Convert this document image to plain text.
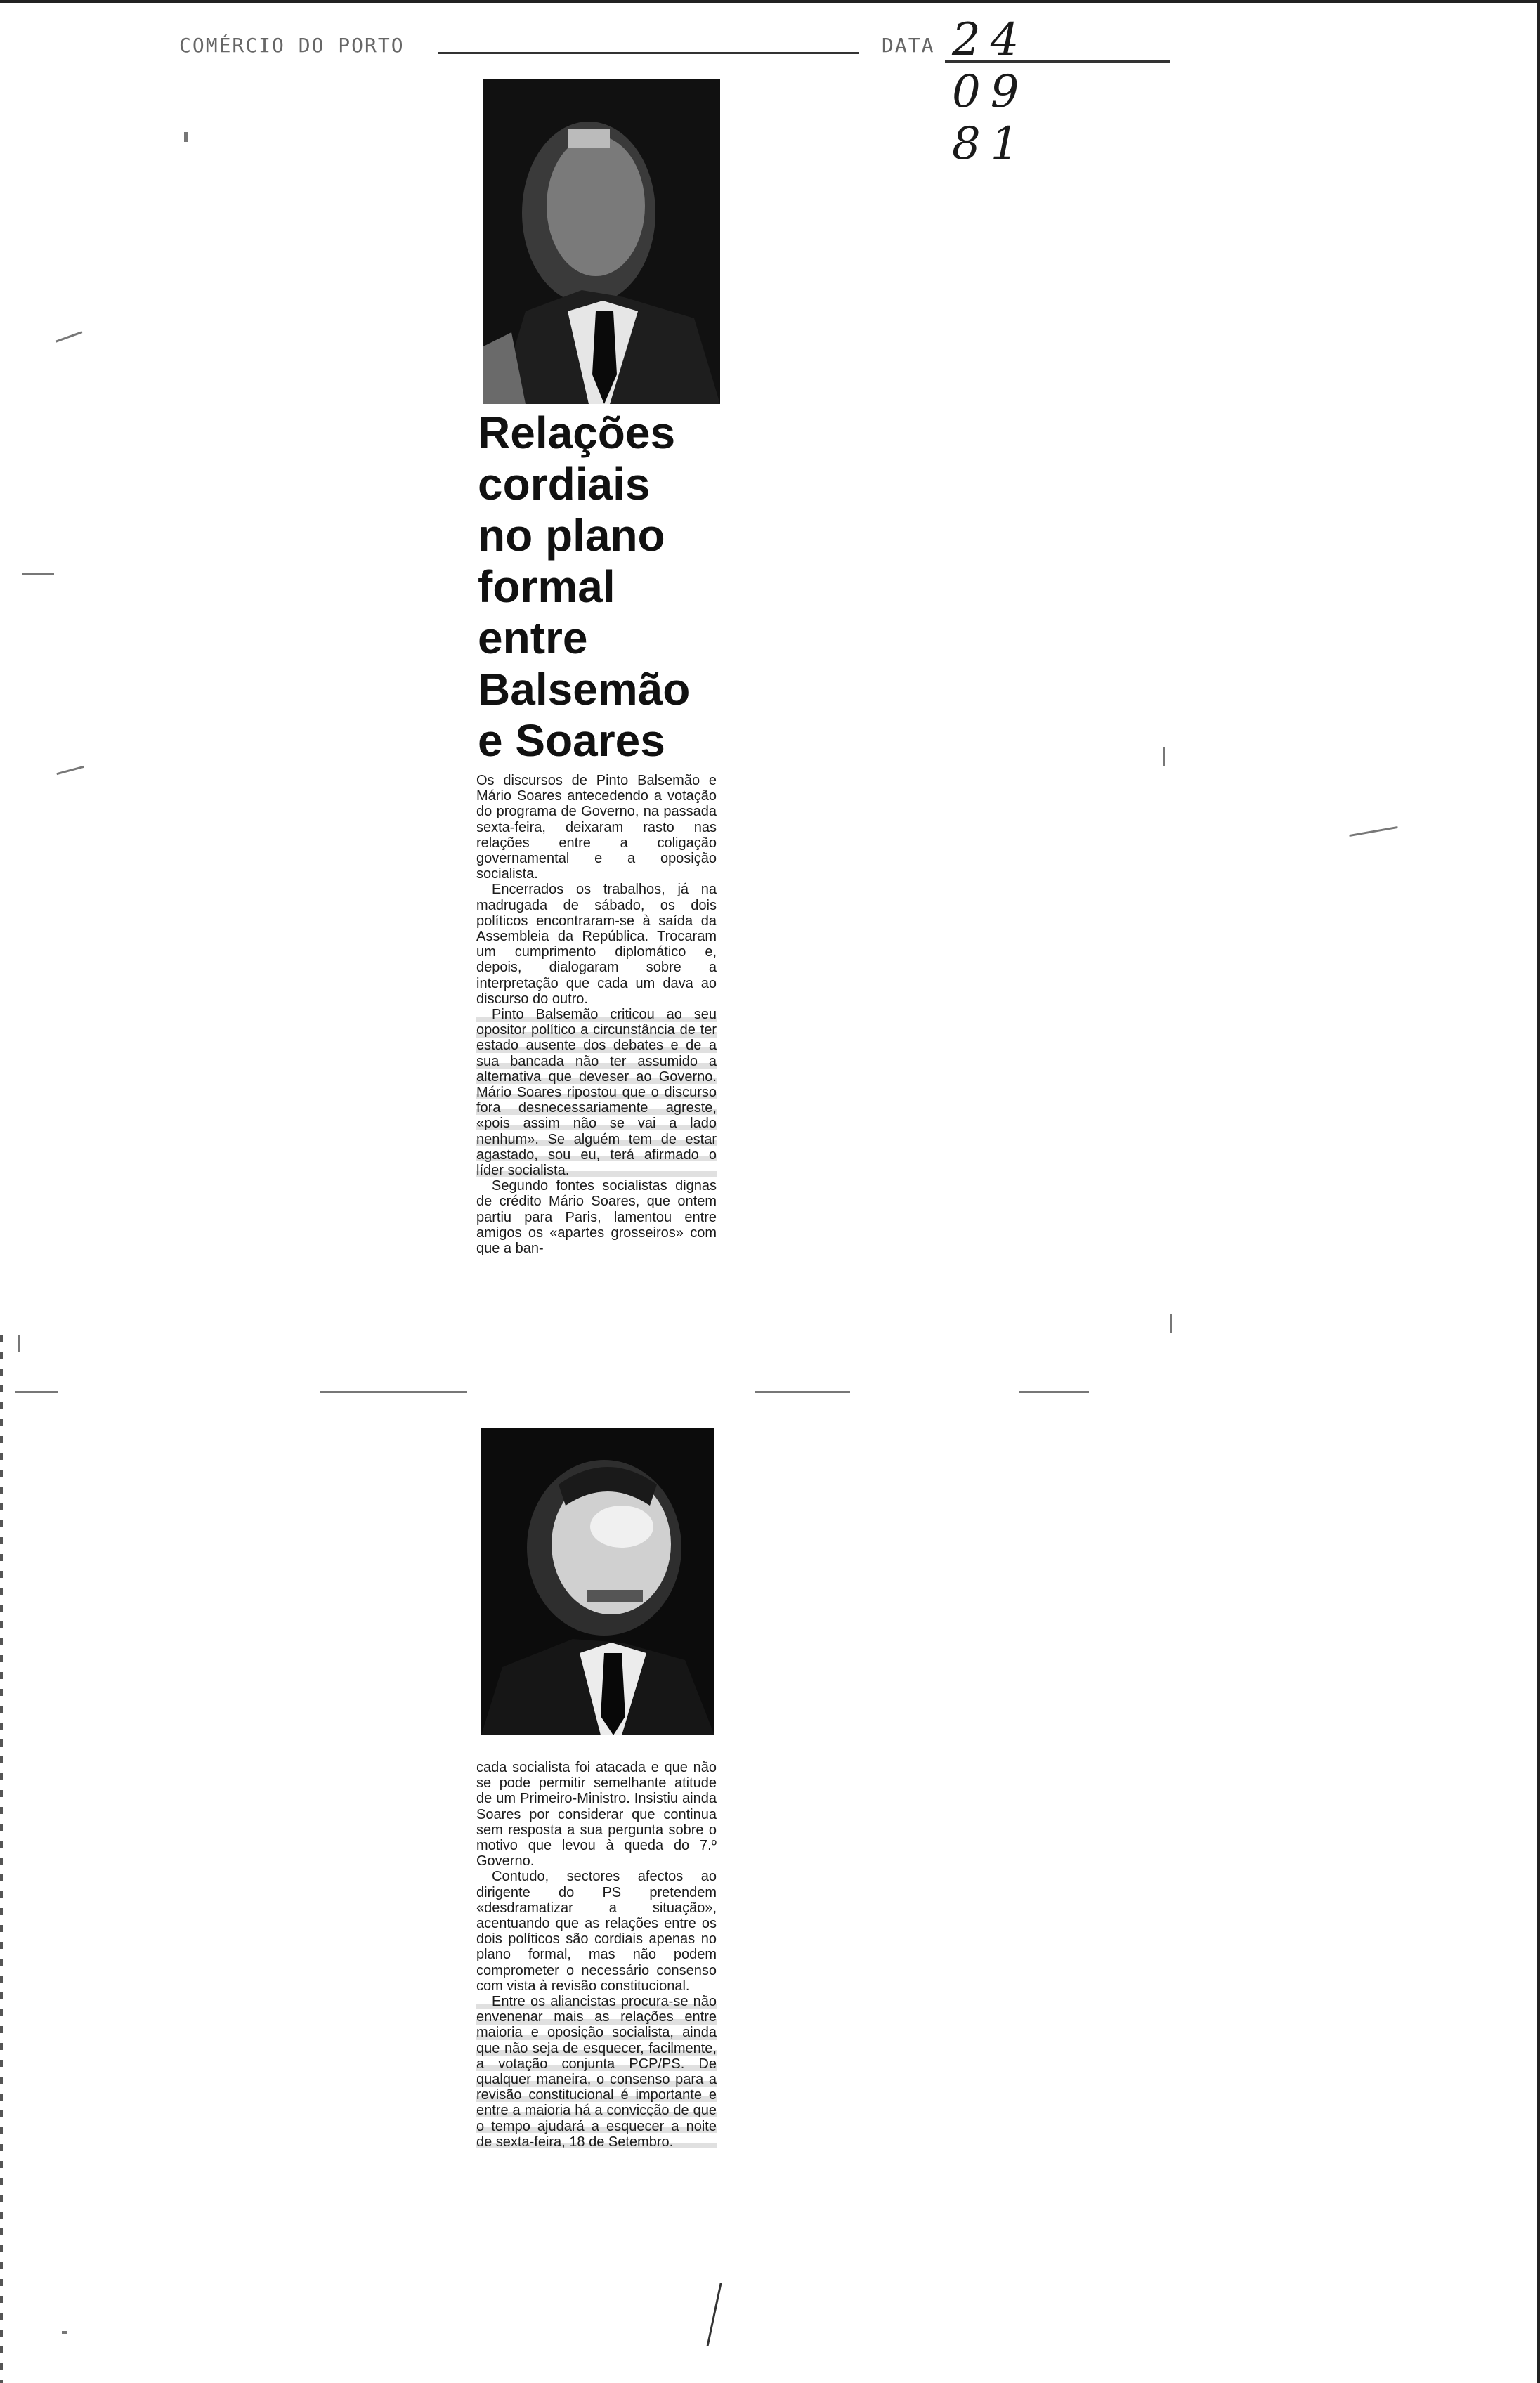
COMÉRCIO DO PORTO	DATA 24 09 81
Relações
cordiais
no plano
formal
entre
Balsemão
e Soares

Os discursos de Pinto Balsemão e Mário Soares antecedendo a votação do programa de Governo, na passada sexta-feira, deixaram rasto nas relações entre a coligação governamental e a oposição socialista.

Encerrados os trabalhos, já na madrugada de sábado, os dois políticos encontraram-se à saída da Assembleia da República. Trocaram um cumprimento diplomático e, depois, dialogaram sobre a interpretação que cada um dava ao discurso do outro.

Pinto Balsemão criticou ao seu opositor político a circunstância de ter estado ausente dos debates e de a sua bancada não ter assumido a alternativa que deveser ao Governo. Mário Soares ripostou que o discurso fora desnecessariamente agreste, «pois assim não se vai a lado nenhum». Se alguém tem de estar agastado, sou eu, terá afirmado o líder socialista.

Segundo fontes socialistas dignas de crédito Mário Soares, que ontem partiu para Paris, lamentou entre amigos os «apartes grosseiros» com que a ban-

cada socialista foi atacada e que não se pode permitir semelhante atitude de um Primeiro-Ministro. Insistiu ainda Soares por considerar que continua sem resposta a sua pergunta sobre o motivo que levou à queda do 7.º Governo.

Contudo, sectores afectos ao dirigente do PS pretendem «desdramatizar a situação», acentuando que as relações entre os dois políticos são cordiais apenas no plano formal, mas não podem comprometer o necessário consenso com vista à revisão constitucional.

Entre os aliancistas procura-se não envenenar mais as relações entre maioria e oposição socialista, ainda que não seja de esquecer, facilmente, a votação conjunta PCP/PS. De qualquer maneira, o consenso para a revisão constitucional é importante e entre a maioria há a convicção de que o tempo ajudará a esquecer a noite de sexta-feira, 18 de Setembro.
